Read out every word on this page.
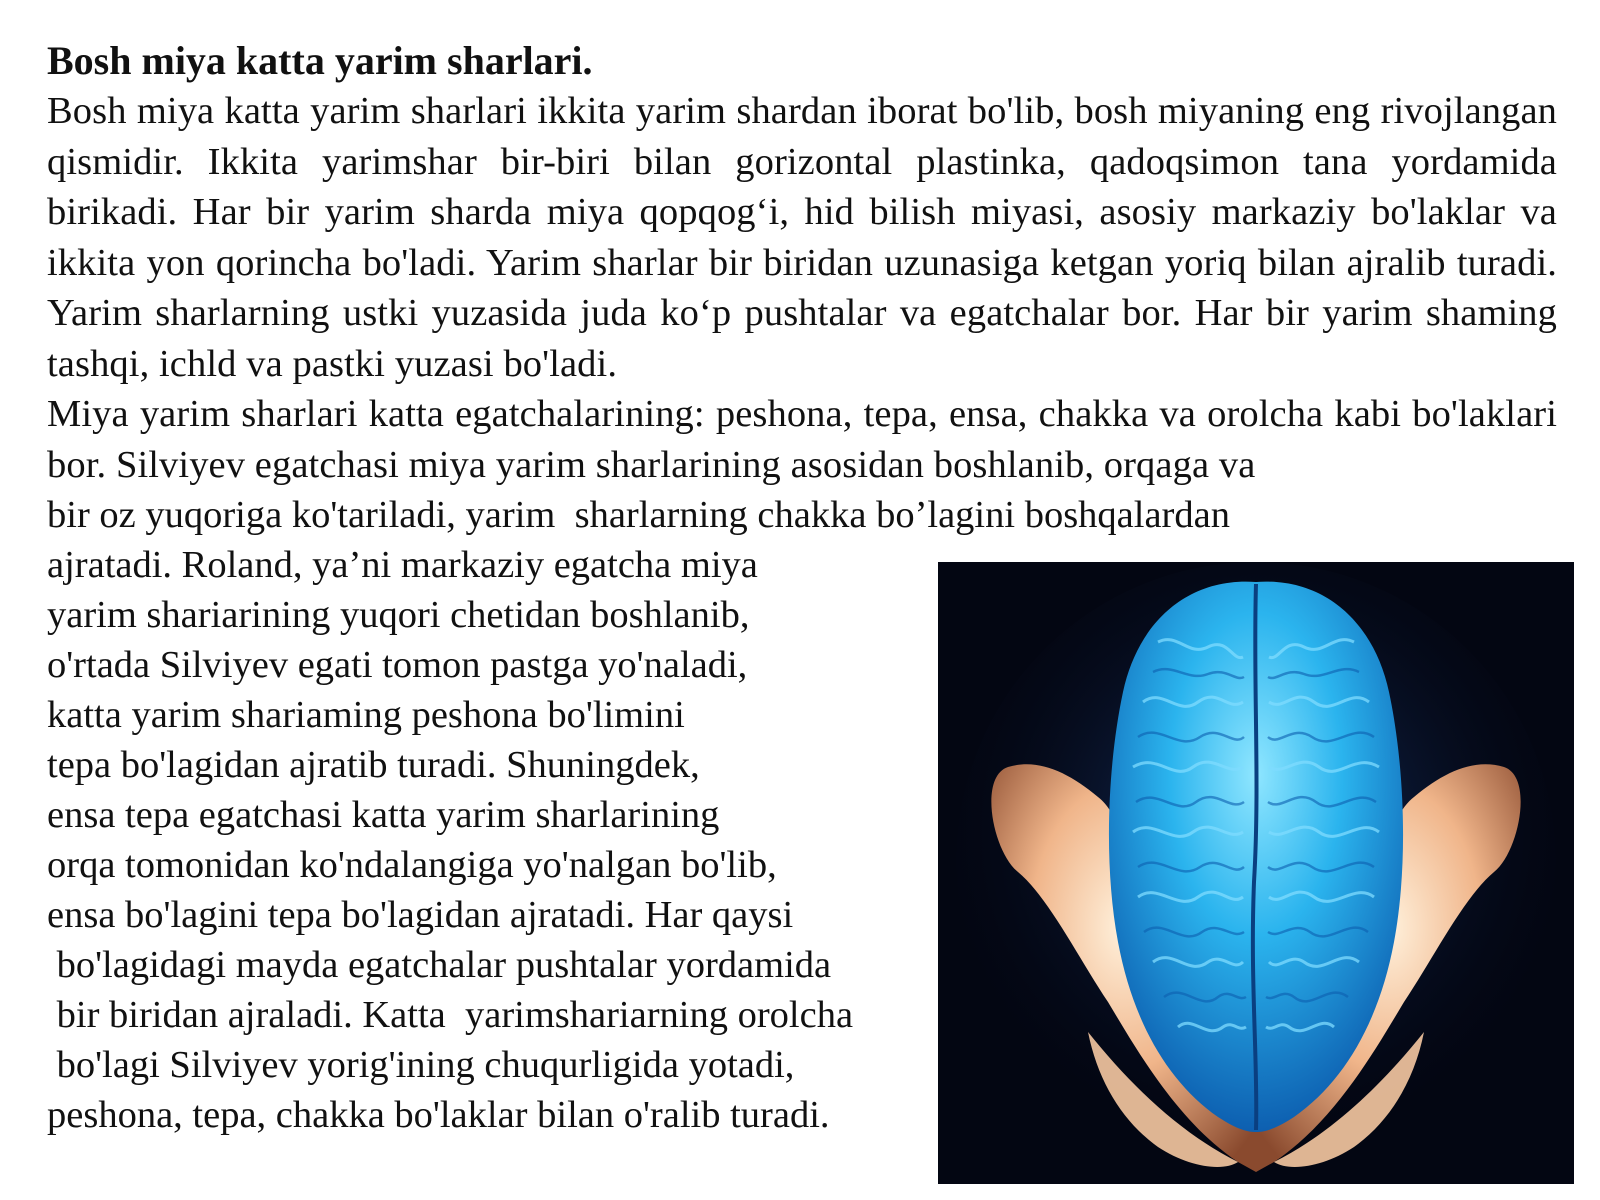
Bosh miya katta yarim sharlari.

Bosh miya katta yarim sharlari ikkita yarim shardan iborat bo'lib, bosh miyaning eng rivojlangan qismidir. Ikkita yarimshar bir-biri bilan gorizontal plastinka, qadoqsimon tana yordamida birikadi. Har bir yarim sharda miya qopqog‘i, hid bilish miyasi, asosiy markaziy bo'laklar va ikkita yon qorincha bo'ladi. Yarim sharlar bir biridan uzunasiga ketgan yoriq bilan ajralib turadi. Yarim sharlarning ustki yuzasida juda ko‘p pushtalar va egatchalar bor. Har bir yarim shaming tashqi, ichld va pastki yuzasi bo'ladi.

Miya yarim sharlari katta egatchalarining: peshona, tepa, ensa, chakka va orolcha kabi bo'laklari bor. Silviyev egatchasi miya yarim sharlarining asosidan boshlanib, orqaga va

bir oz yuqoriga ko'tariladi, yarim  sharlarning chakka bo’lagini boshqalardan
ajratadi. Roland, ya’ni markaziy egatcha miya
yarim shariarining yuqori chetidan boshlanib,
o'rtada Silviyev egati tomon pastga yo'naladi,
katta yarim shariaming peshona bo'limini
tepa bo'lagidan ajratib turadi. Shuningdek,
ensa tepa egatchasi katta yarim sharlarining
orqa tomonidan ko'ndalangiga yo'nalgan bo'lib,
ensa bo'lagini tepa bo'lagidan ajratadi. Har qaysi
bo'lagidagi mayda egatchalar pushtalar yordamida
bir biridan ajraladi. Katta  yarimshariarning orolcha
bo'lagi Silviyev yorig'ining chuqurligida yotadi,
peshona, tepa, chakka bo'laklar bilan o'ralib turadi.
